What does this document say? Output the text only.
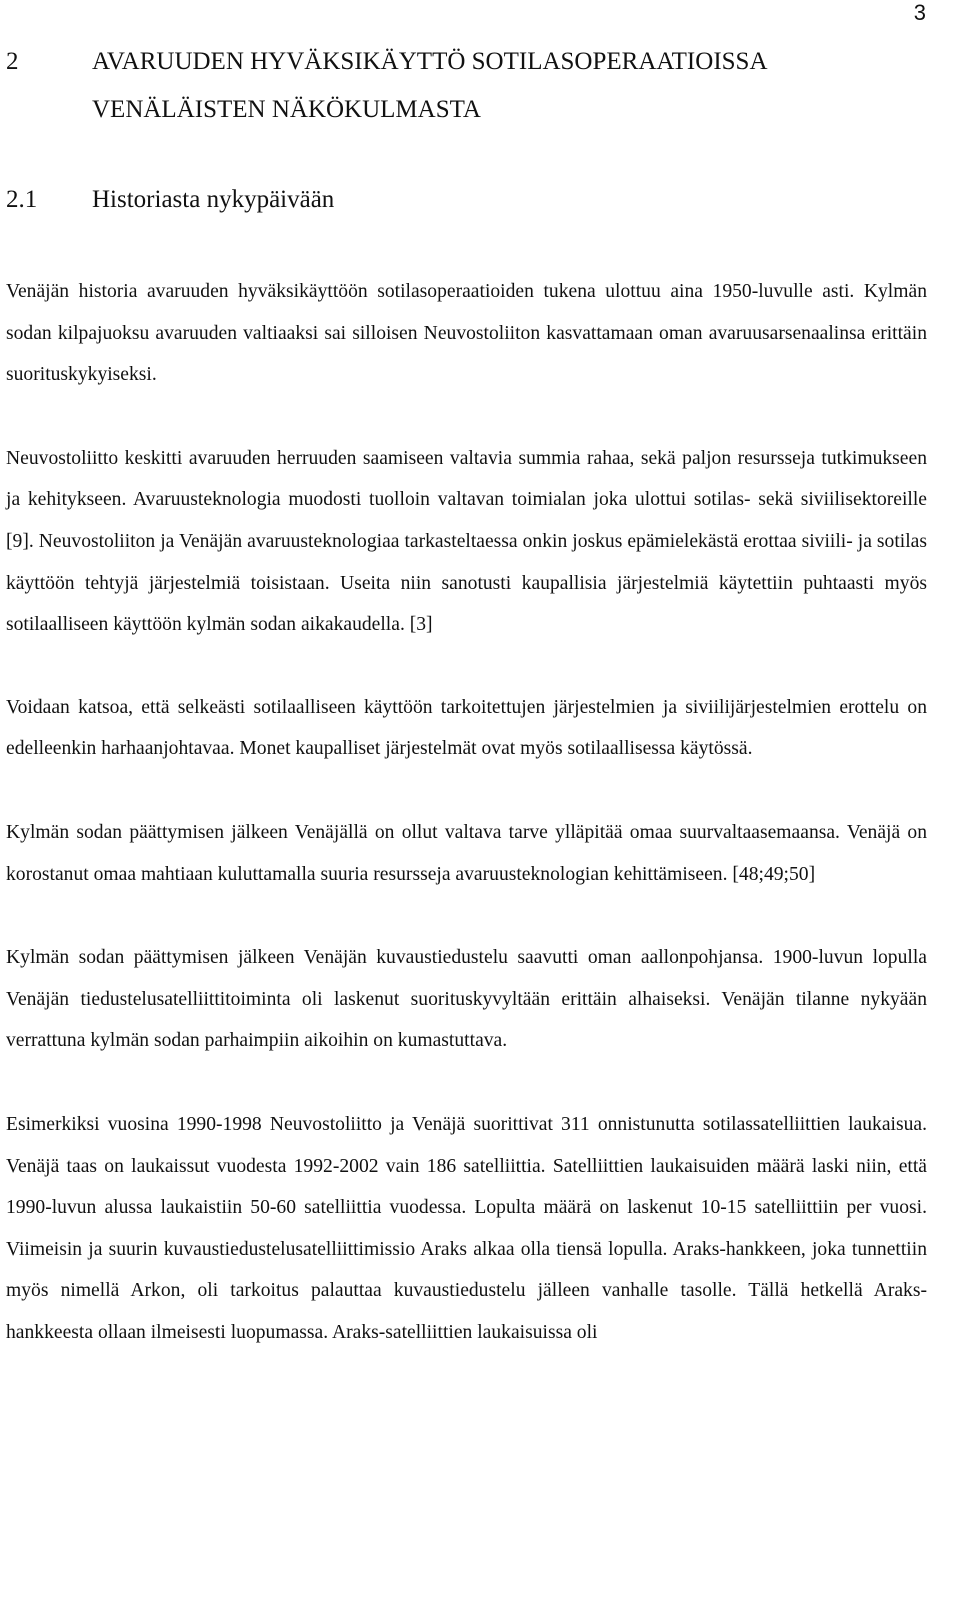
3
2	AVARUUDEN HYVÄKSIKÄYTTÖ SOTILASOPERAATIOISSA
VENÄLÄISTEN NÄKÖKULMASTA
2.1	Historiasta nykypäivään

Venäjän historia avaruuden hyväksikäyttöön sotilasoperaatioiden tukena ulottuu aina 1950-luvulle asti. Kylmän sodan kilpajuoksu avaruuden valtiaaksi sai silloisen Neuvostoliiton kasvattamaan oman avaruusarsenaalinsa erittäin suorituskykyiseksi.

Neuvostoliitto keskitti avaruuden herruuden saamiseen valtavia summia rahaa, sekä paljon resursseja tutkimukseen ja kehitykseen. Avaruusteknologia muodosti tuolloin valtavan toimialan joka ulottui sotilas- sekä siviilisektoreille [9]. Neuvostoliiton ja Venäjän avaruusteknologiaa tarkasteltaessa onkin joskus epämielekästä erottaa siviili- ja sotilas käyttöön tehtyjä järjestelmiä toisistaan. Useita niin sanotusti kaupallisia järjestelmiä käytettiin puhtaasti myös sotilaalliseen käyttöön kylmän sodan aikakaudella. [3]

Voidaan katsoa, että selkeästi sotilaalliseen käyttöön tarkoitettujen järjestelmien ja siviilijärjestelmien erottelu on edelleenkin harhaanjohtavaa. Monet kaupalliset järjestelmät ovat myös sotilaallisessa käytössä.

Kylmän sodan päättymisen jälkeen Venäjällä on ollut valtava tarve ylläpitää omaa suurvaltaasemaansa. Venäjä on korostanut omaa mahtiaan kuluttamalla suuria resursseja avaruusteknologian kehittämiseen. [48;49;50]

Kylmän sodan päättymisen jälkeen Venäjän kuvaustiedustelu saavutti oman aallonpohjansa. 1900-luvun lopulla Venäjän tiedustelusatelliittitoiminta oli laskenut suorituskyvyltään erittäin alhaiseksi. Venäjän tilanne nykyään verrattuna kylmän sodan parhaimpiin aikoihin on kumastuttava.

Esimerkiksi vuosina 1990-1998 Neuvostoliitto ja Venäjä suorittivat 311 onnistunutta sotilassatelliittien laukaisua. Venäjä taas on laukaissut vuodesta 1992-2002 vain 186 satelliittia. Satelliittien laukaisuiden määrä laski niin, että 1990-luvun alussa laukaistiin 50-60 satelliittia vuodessa. Lopulta määrä on laskenut 10-15 satelliittiin per vuosi. Viimeisin ja suurin kuvaustiedustelusatelliittimissio Araks alkaa olla tiensä lopulla. Araks-hankkeen, joka tunnettiin myös nimellä Arkon, oli tarkoitus palauttaa kuvaustiedustelu jälleen vanhalle tasolle. Tällä hetkellä Araks-hankkeesta ollaan ilmeisesti luopumassa. Araks-satelliittien laukaisuissa oli
